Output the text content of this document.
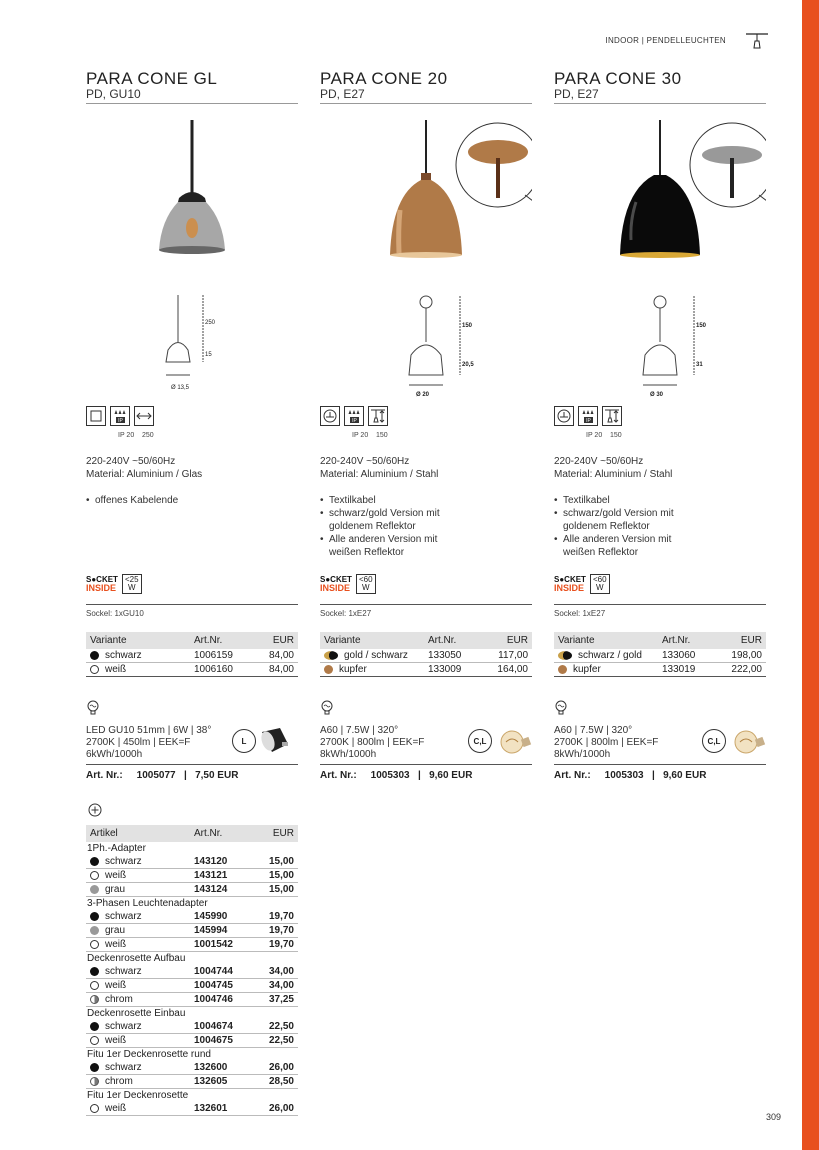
INDOOR | PENDELLEUCHTEN
PARA CONE GL
PD, GU10
250
15
Ø 13,5
IP
IP 20    250
220-240V ~50/60Hz
Material: Aluminium / Glas
• offenes Kabelende
S●CKET
INSIDE
<25
W
Sockel: 1xGU10
Variante	Art.Nr.	EUR
schwarz	1006159	84,00
weiß	1006160	84,00
LED GU10 51mm | 6W | 38°
2700K | 450lm | EEK=F
6kWh/1000h
L
Art. Nr.: 1005077   |   7,50 EUR
PARA CONE 20
PD, E27
150
20,5
Ø 20
IP
IP 20    150
220-240V ~50/60Hz
Material: Aluminium / Stahl
• Textilkabel
• schwarz/gold Version mit
goldenem Reflektor
• Alle anderen Version mit
weißen Reflektor
S●CKET
INSIDE
<60
W
Sockel: 1xE27
Variante	Art.Nr.	EUR
gold / schwarz 133050	117,00
kupfer	133009	164,00
A60 | 7.5W | 320°
2700K | 800lm | EEK=F
8kWh/1000h
C,L
Art. Nr.: 1005303   |   9,60 EUR
PARA CONE 30
PD, E27
150
31
Ø 30
IP
IP 20    150
220-240V ~50/60Hz
Material: Aluminium / Stahl
• Textilkabel
• schwarz/gold Version mit
goldenem Reflektor
• Alle anderen Version mit
weißen Reflektor
S●CKET
INSIDE
<60
W
Sockel: 1xE27
Variante	Art.Nr.	EUR
schwarz / gold 133060	198,00
kupfer	133019	222,00
A60 | 7.5W | 320°
2700K | 800lm | EEK=F
8kWh/1000h
C,L
Art. Nr.: 1005303   |   9,60 EUR
Artikel	Art.Nr.	EUR
1Ph.-Adapter
schwarz	143120	15,00
weiß	143121	15,00
grau	143124	15,00
3-Phasen Leuchtenadapter
schwarz	145990	19,70
grau	145994	19,70
weiß	1001542	19,70
Deckenrosette Aufbau
schwarz	1004744	34,00
weiß	1004745	34,00
chrom	1004746	37,25
Deckenrosette Einbau
schwarz	1004674	22,50
weiß	1004675	22,50
Fitu 1er Deckenrosette rund
schwarz	132600	26,00
chrom	132605	28,50
Fitu 1er Deckenrosette
weiß	132601	26,00
309
